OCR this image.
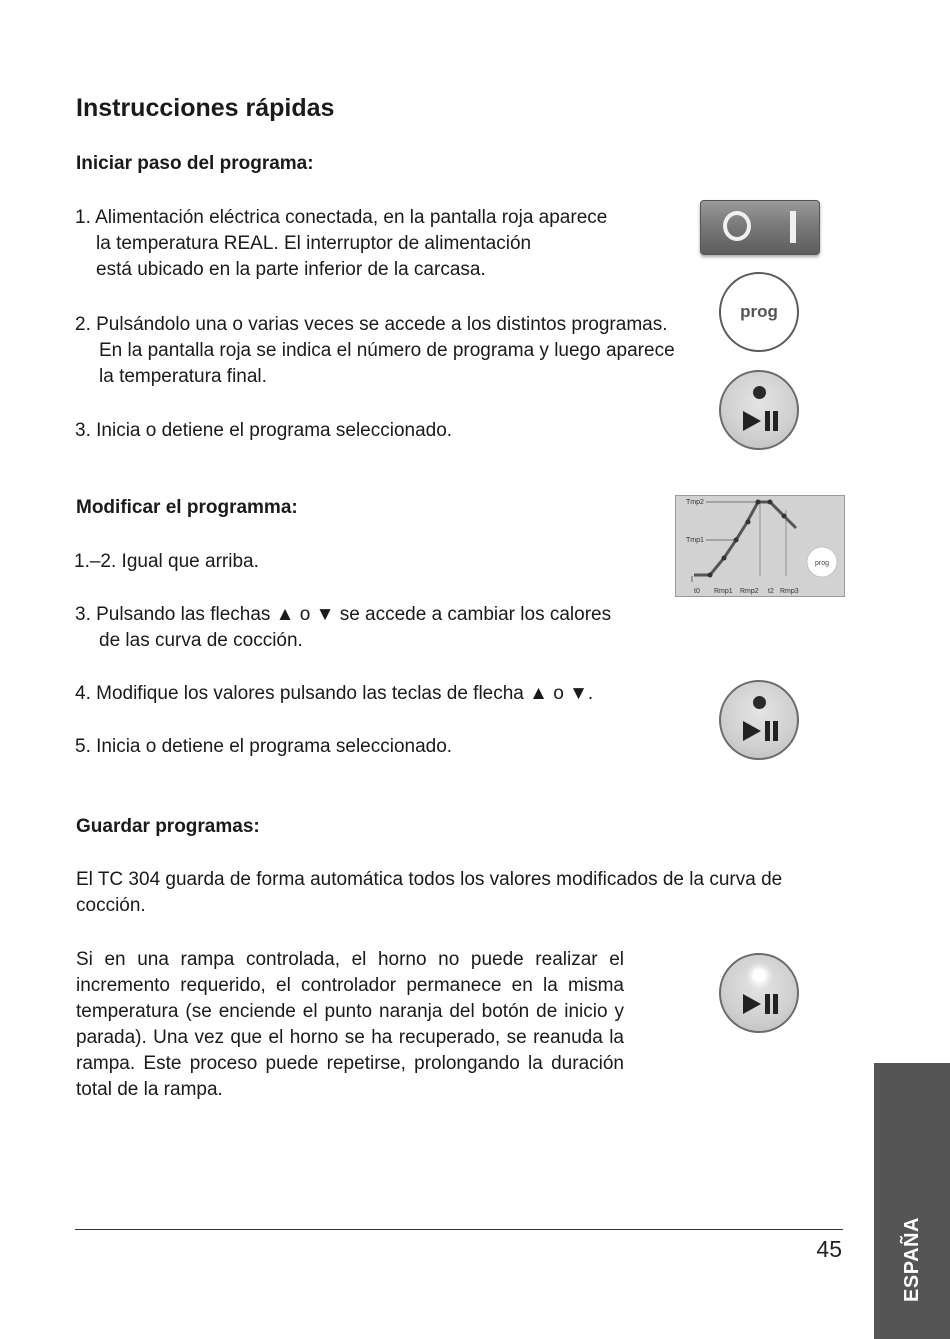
Instrucciones rápidas
Iniciar paso del programa:
1. Alimentación eléctrica conectada, en la pantalla roja aparece
la temperatura REAL. El interruptor de alimentación
está ubicado en la parte inferior de la carcasa.
2. Pulsándolo una o varias veces se accede a los distintos programas.
En la pantalla roja se indica el número de programa y luego aparece
la temperatura final.
3. Inicia o detiene el programa seleccionado.
Modificar el programma:
1.–2. Igual que arriba.
3. Pulsando las flechas ▲ o ▼ se accede a cambiar los calores
de las curva de cocción.
4. Modifique los valores pulsando las teclas de flecha ▲ o ▼.
5. Inicia o detiene el programa seleccionado.
Guardar programas:
El TC 304 guarda de forma automática todos los valores modificados de la curva de cocción.
Si en una rampa controlada, el horno no puede realizar el incremento requerido, el controlador permanece en la misma temperatura (se enciende el punto naranja del botón de inicio y parada). Una vez que el horno se ha recuperado, se reanuda la rampa. Este proceso puede repetirse, prolongando la duración total de la rampa.
prog
Tmp2
Tmp1
prog
t0 Rmp1 Rmp2 t2 Rmp3
45	ESPAÑA
